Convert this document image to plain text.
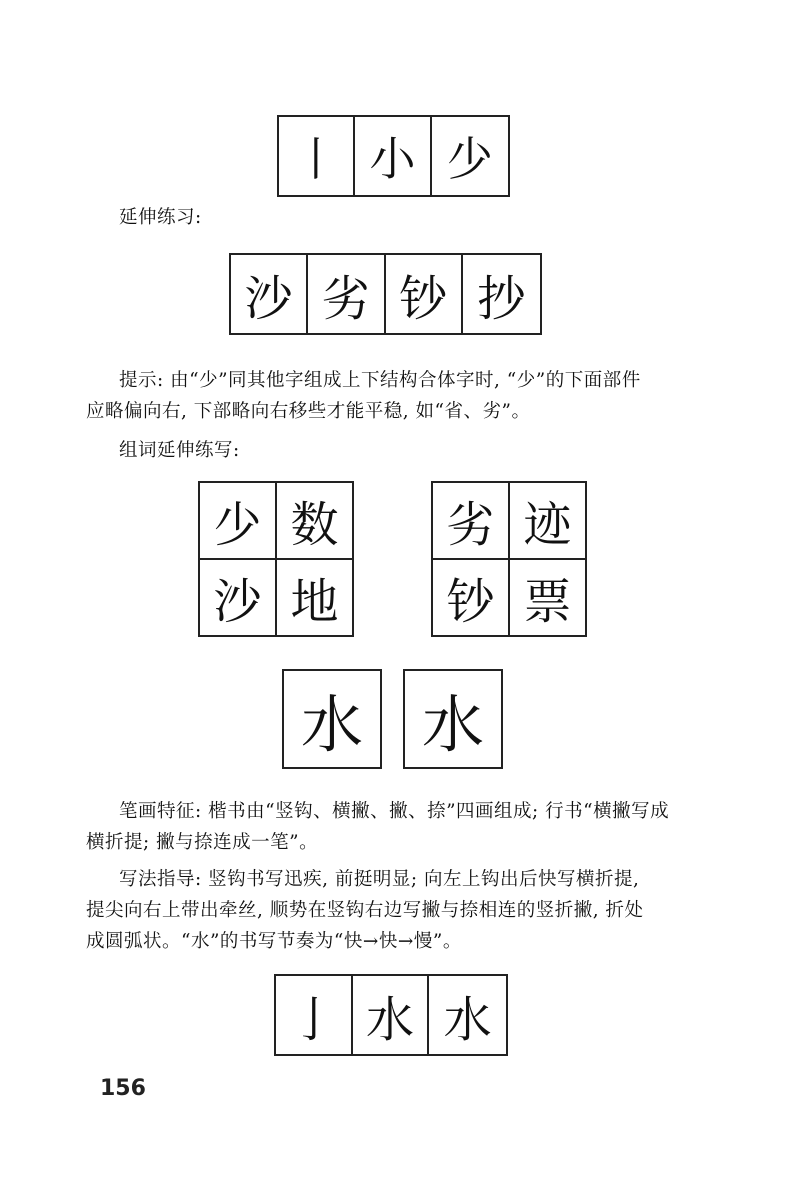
丨 小 少
延伸练习:
沙 劣 钞 抄
提示: 由“少”同其他字组成上下结构合体字时, “少”的下面部件
应略偏向右, 下部略向右移些才能平稳, 如“省、劣”。
组词延伸练写:
少 数	劣 迹
沙 地	钞 票
水 水
笔画特征: 楷书由“竖钩、横撇、撇、捺”四画组成; 行书“横撇写成
横折提; 撇与捺连成一笔”。
写法指导: 竖钩书写迅疾, 前挺明显; 向左上钩出后快写横折提,
提尖向右上带出牵丝, 顺势在竖钩右边写撇与捺相连的竖折撇, 折处
成圆弧状。“水”的书写节奏为“快→快→慢”。
亅 水 水
156
